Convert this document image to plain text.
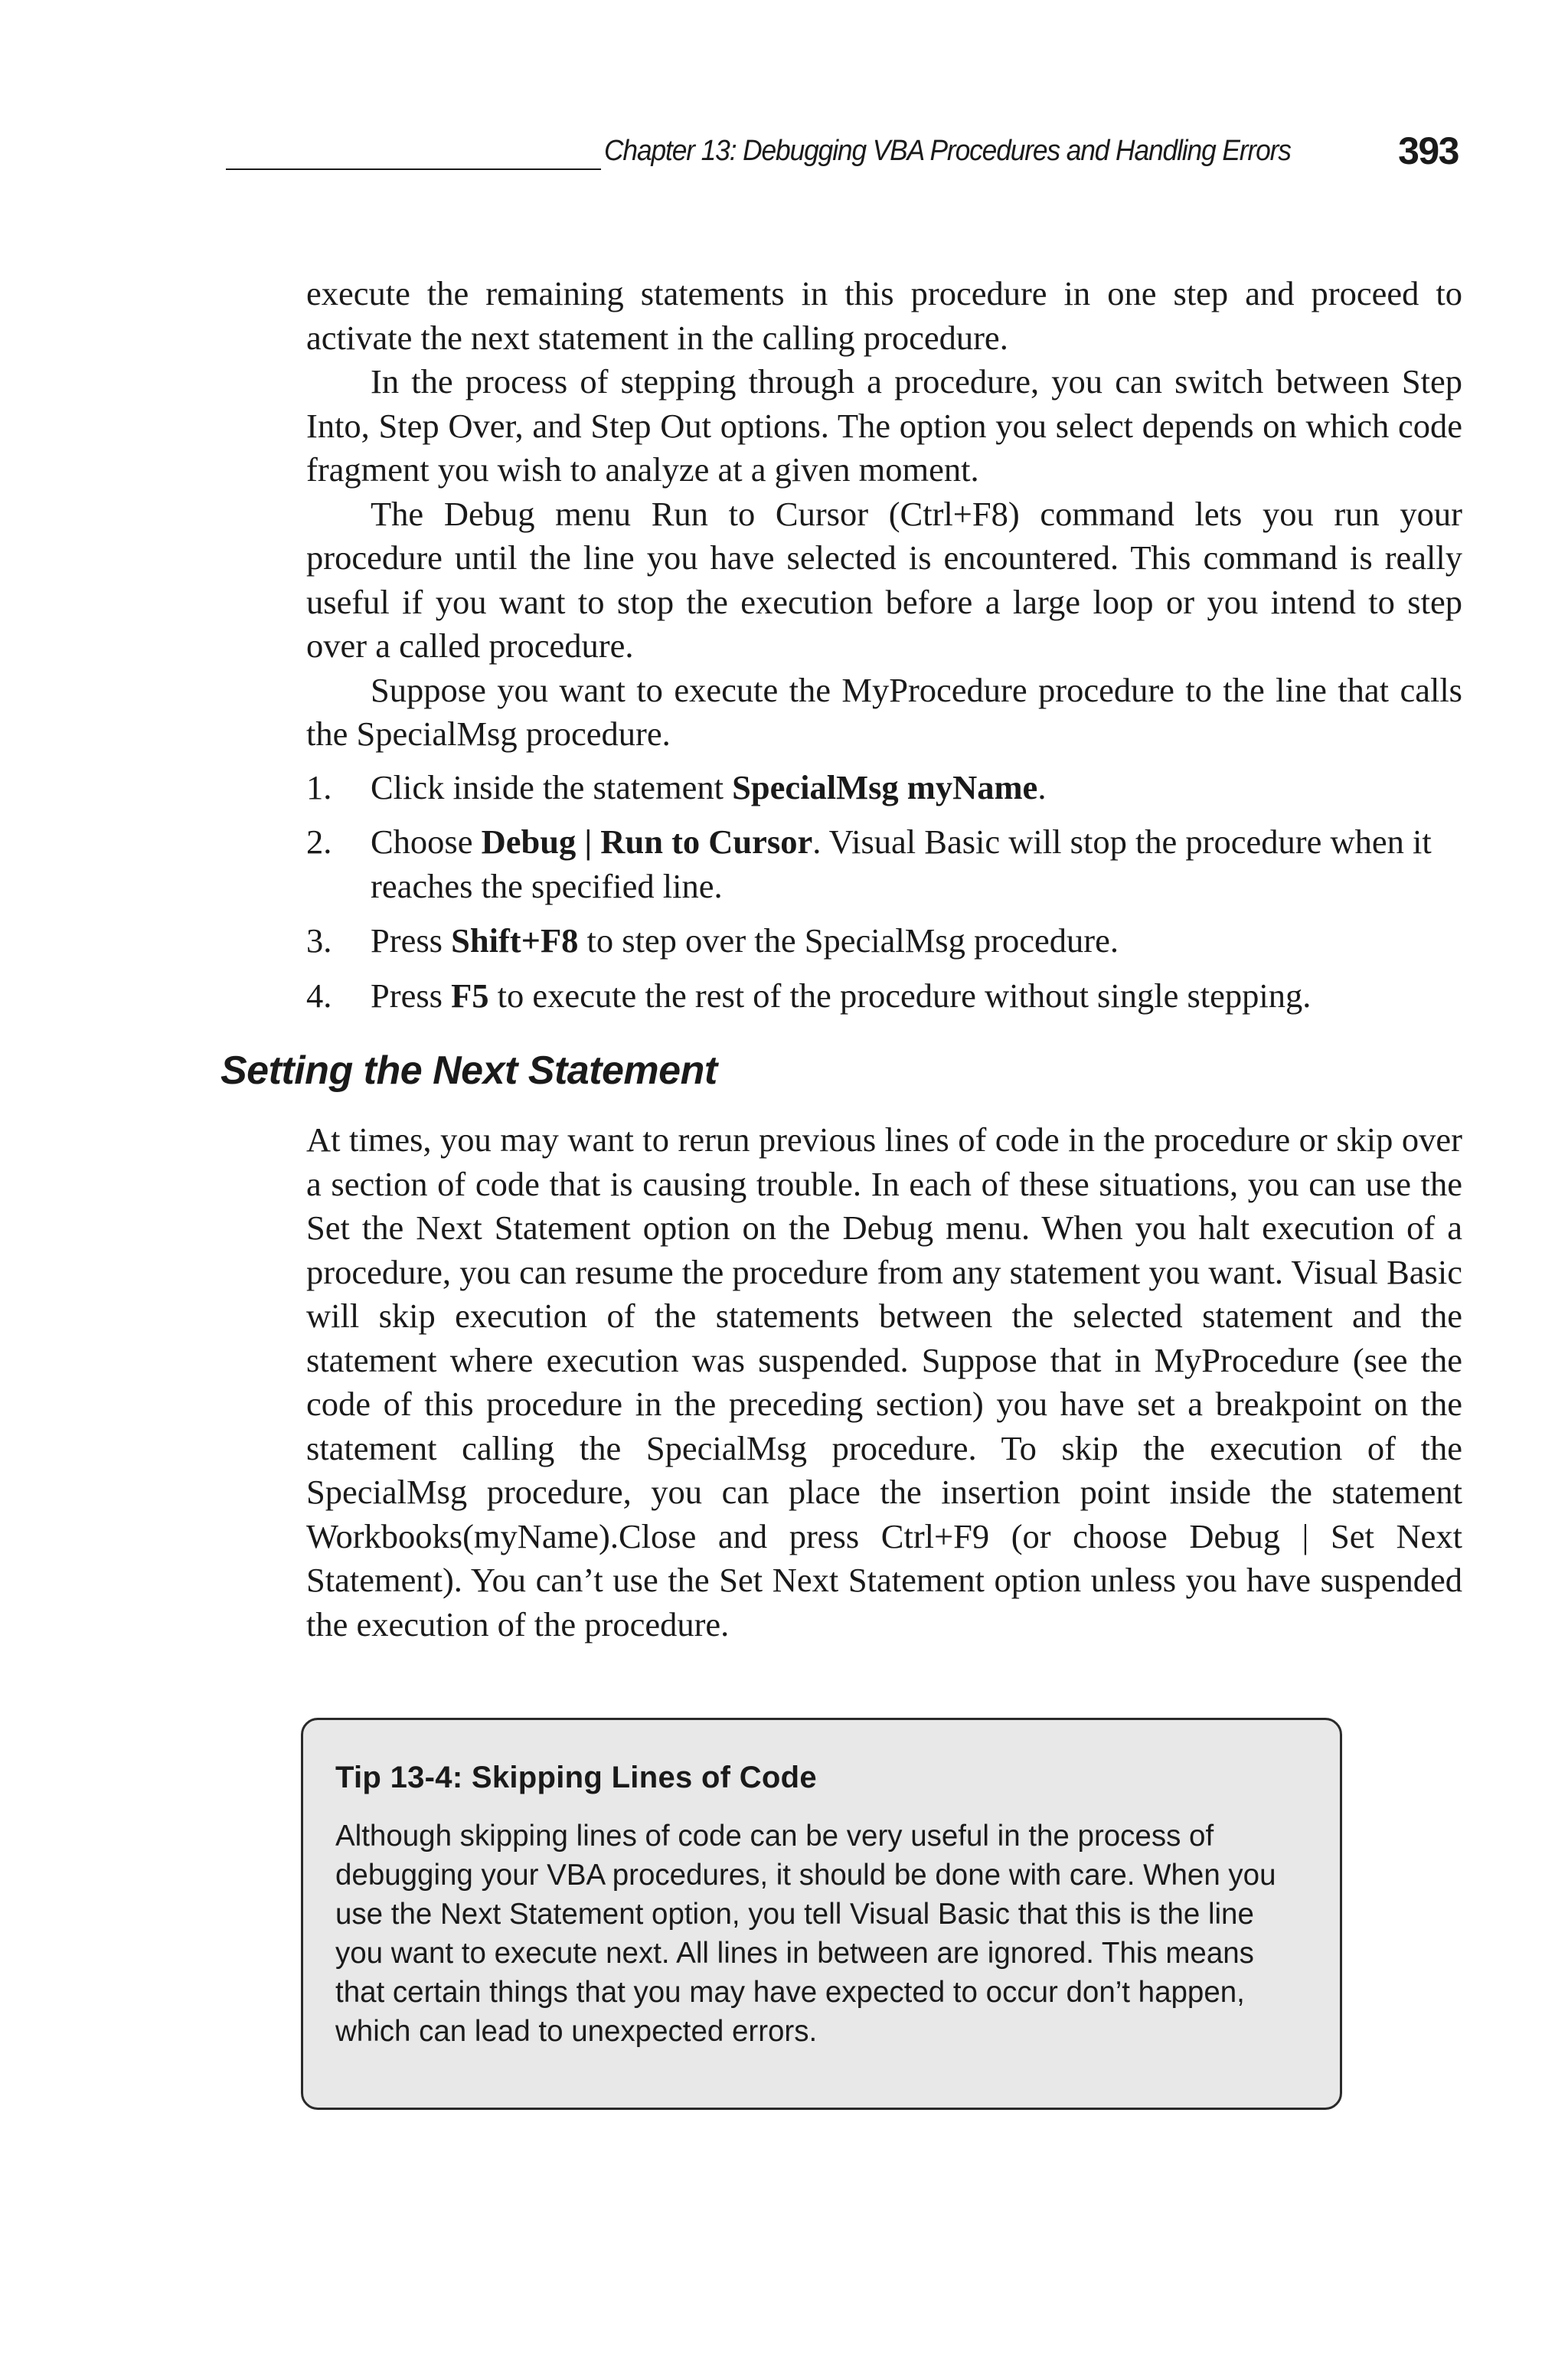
Chapter 13: Debugging VBA Procedures and Handling Errors	393

execute the remaining statements in this procedure in one step and proceed to activate the next statement in the calling procedure.

In the process of stepping through a procedure, you can switch between Step Into, Step Over, and Step Out options. The option you select depends on which code fragment you wish to analyze at a given moment.

The Debug menu Run to Cursor (Ctrl+F8) command lets you run your procedure until the line you have selected is encountered. This command is really useful if you want to stop the execution before a large loop or you intend to step over a called procedure.

Suppose you want to execute the MyProcedure procedure to the line that calls the SpecialMsg procedure.

1. Click inside the statement SpecialMsg myName.
2. Choose Debug | Run to Cursor. Visual Basic will stop the procedure when it reaches the specified line.
3. Press Shift+F8 to step over the SpecialMsg procedure.
4. Press F5 to execute the rest of the procedure without single stepping.
Setting the Next Statement

At times, you may want to rerun previous lines of code in the procedure or skip over a section of code that is causing trouble. In each of these situations, you can use the Set the Next Statement option on the Debug menu. When you halt execution of a procedure, you can resume the procedure from any statement you want. Visual Basic will skip execution of the statements between the selected statement and the statement where execution was suspended. Suppose that in MyProcedure (see the code of this procedure in the preceding section) you have set a breakpoint on the statement calling the SpecialMsg procedure. To skip the execution of the SpecialMsg procedure, you can place the insertion point inside the statement Workbooks(myName).Close and press Ctrl+F9 (or choose Debug | Set Next Statement). You can’t use the Set Next Statement option unless you have suspended the execution of the procedure.

Tip 13-4: Skipping Lines of Code

Although skipping lines of code can be very useful in the process of debugging your VBA procedures, it should be done with care. When you use the Next Statement option, you tell Visual Basic that this is the line you want to execute next. All lines in between are ignored. This means that certain things that you may have expected to occur don’t happen, which can lead to unexpected errors.
